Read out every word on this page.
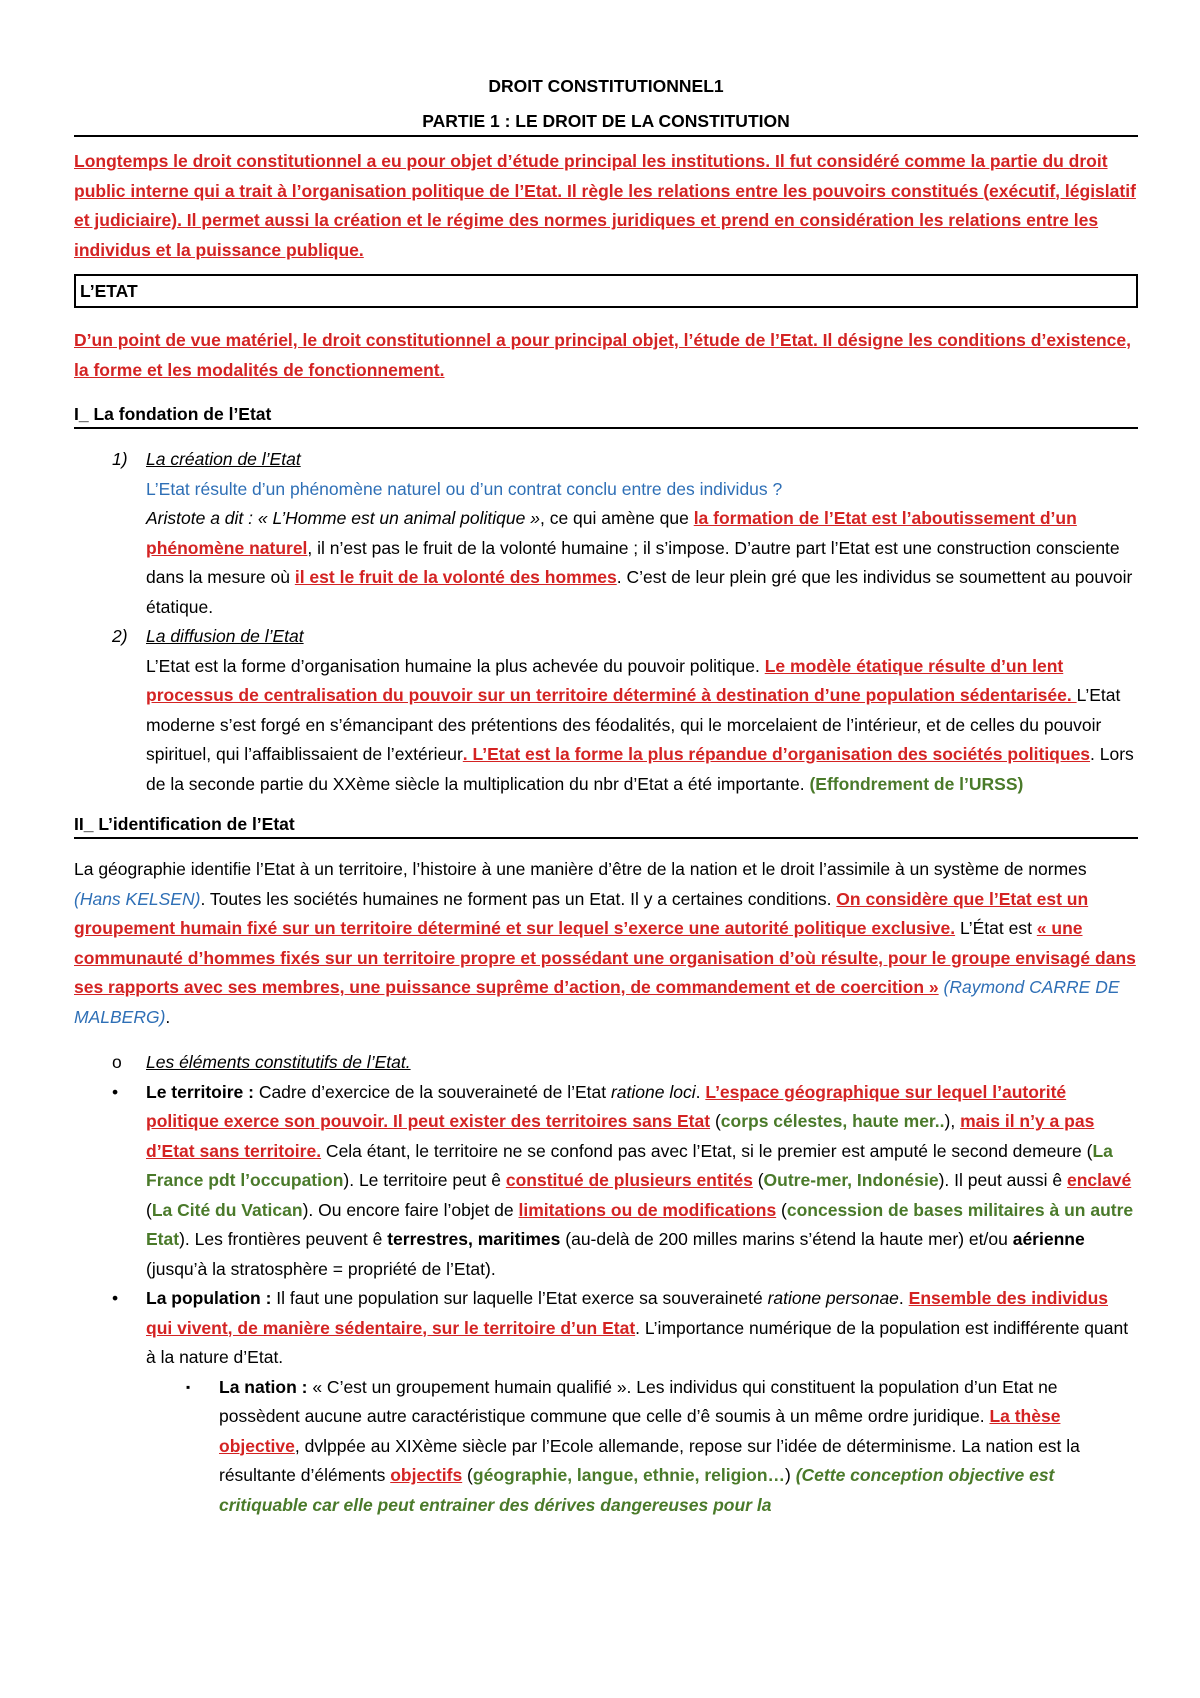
DROIT CONSTITUTIONNEL1
PARTIE 1 : LE DROIT DE LA CONSTITUTION

Longtemps le droit constitutionnel a eu pour objet d’étude principal les institutions. Il fut considéré comme la partie du droit public interne qui a trait à l’organisation politique de l’Etat. Il règle les relations entre les pouvoirs constitués (exécutif, législatif et judiciaire). Il permet aussi la création et le régime des normes juridiques et prend en considération les relations entre les individus et la puissance publique.

L’ETAT

D’un point de vue matériel, le droit constitutionnel a pour principal objet, l’étude de l’Etat. Il désigne les conditions d’existence, la forme et les modalités de fonctionnement.

I_ La fondation de l’Etat
1) La création de l’Etat
L’Etat résulte d’un phénomène naturel ou d’un contrat conclu entre des individus ?
Aristote a dit : « L’Homme est un animal politique », ce qui amène que la formation de l’Etat est l’aboutissement d’un phénomène naturel, il n’est pas le fruit de la volonté humaine ; il s’impose. D’autre part l’Etat est une construction consciente dans la mesure où il est le fruit de la volonté des hommes. C’est de leur plein gré que les individus se soumettent au pouvoir étatique.
2) La diffusion de l’Etat
L’Etat est la forme d’organisation humaine la plus achevée du pouvoir politique. Le modèle étatique résulte d’un lent processus de centralisation du pouvoir sur un territoire déterminé à destination d’une population sédentarisée. L’Etat moderne s’est forgé en s’émancipant des prétentions des féodalités, qui le morcelaient de l’intérieur, et de celles du pouvoir spirituel, qui l’affaiblissaient de l’extérieur. L’Etat est la forme la plus répandue d’organisation des sociétés politiques. Lors de la seconde partie du XXème siècle la multiplication du nbr d’Etat a été importante. (Effondrement de l’URSS)
II_ L’identification de l’Etat

La géographie identifie l’Etat à un territoire, l’histoire à une manière d’être de la nation et le droit l’assimile à un système de normes (Hans KELSEN). Toutes les sociétés humaines ne forment pas un Etat. Il y a certaines conditions. On considère que l’Etat est un groupement humain fixé sur un territoire déterminé et sur lequel s’exerce une autorité politique exclusive. L’État est « une communauté d’hommes fixés sur un territoire propre et possédant une organisation d’où résulte, pour le groupe envisagé dans ses rapports avec ses membres, une puissance suprême d’action, de commandement et de coercition » (Raymond CARRE DE MALBERG).

o Les éléments constitutifs de l’Etat.
• Le territoire : Cadre d’exercice de la souveraineté de l’Etat ratione loci. L’espace géographique sur lequel l’autorité politique exerce son pouvoir. Il peut exister des territoires sans Etat (corps célestes, haute mer..), mais il n’y a pas d’Etat sans territoire. Cela étant, le territoire ne se confond pas avec l’Etat, si le premier est amputé le second demeure (La France pdt l’occupation). Le territoire peut ê constitué de plusieurs entités (Outre-mer, Indonésie). Il peut aussi ê enclavé (La Cité du Vatican). Ou encore faire l’objet de limitations ou de modifications (concession de bases militaires à un autre Etat). Les frontières peuvent ê terrestres, maritimes (au-delà de 200 milles marins s’étend la haute mer) et/ou aérienne (jusqu’à la stratosphère = propriété de l’Etat).
• La population : Il faut une population sur laquelle l’Etat exerce sa souveraineté ratione personae. Ensemble des individus qui vivent, de manière sédentaire, sur le territoire d’un Etat. L’importance numérique de la population est indifférente quant à la nature d’Etat.
▪ La nation : « C’est un groupement humain qualifié ». Les individus qui constituent la population d’un Etat ne possèdent aucune autre caractéristique commune que celle d’ê soumis à un même ordre juridique. La thèse objective, dvlppée au XIXème siècle par l’Ecole allemande, repose sur l’idée de déterminisme. La nation est la résultante d’éléments objectifs (géographie, langue, ethnie, religion…) (Cette conception objective est critiquable car elle peut entrainer des dérives dangereuses pour la
